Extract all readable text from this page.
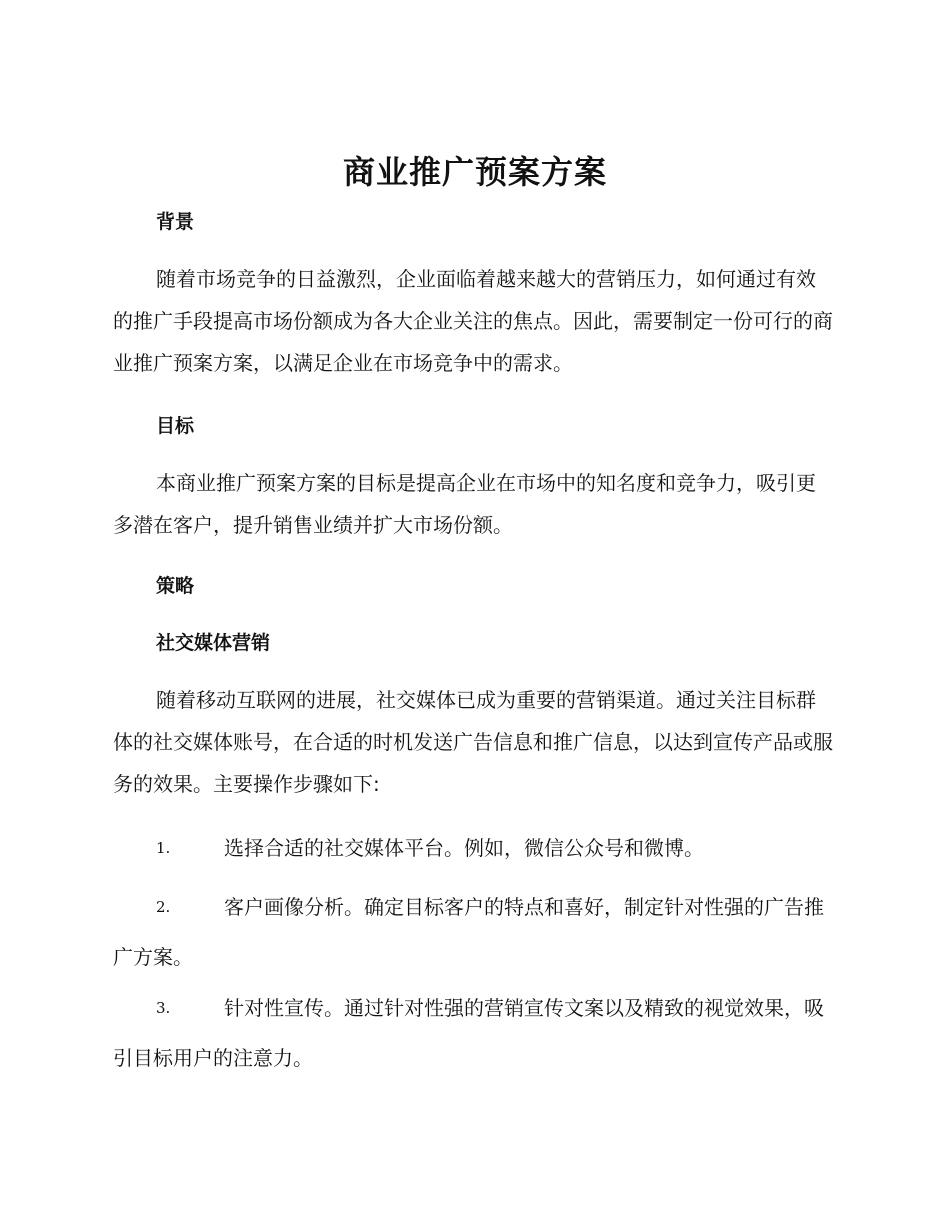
商业推广预案方案
背景
随着市场竞争的日益激烈，企业面临着越来越大的营销压力，如何通过有效的推广手段提高市场份额成为各大企业关注的焦点。因此，需要制定一份可行的商业推广预案方案，以满足企业在市场竞争中的需求。
目标
本商业推广预案方案的目标是提高企业在市场中的知名度和竞争力，吸引更多潜在客户，提升销售业绩并扩大市场份额。
策略
社交媒体营销
随着移动互联网的进展，社交媒体已成为重要的营销渠道。通过关注目标群体的社交媒体账号，在合适的时机发送广告信息和推广信息，以达到宣传产品或服务的效果。主要操作步骤如下:
1.	选择合适的社交媒体平台。例如，微信公众号和微博。
2.	客户画像分析。确定目标客户的特点和喜好，制定针对性强的广告推广方案。
3.	针对性宣传。通过针对性强的营销宣传文案以及精致的视觉效果，吸引目标用户的注意力。
